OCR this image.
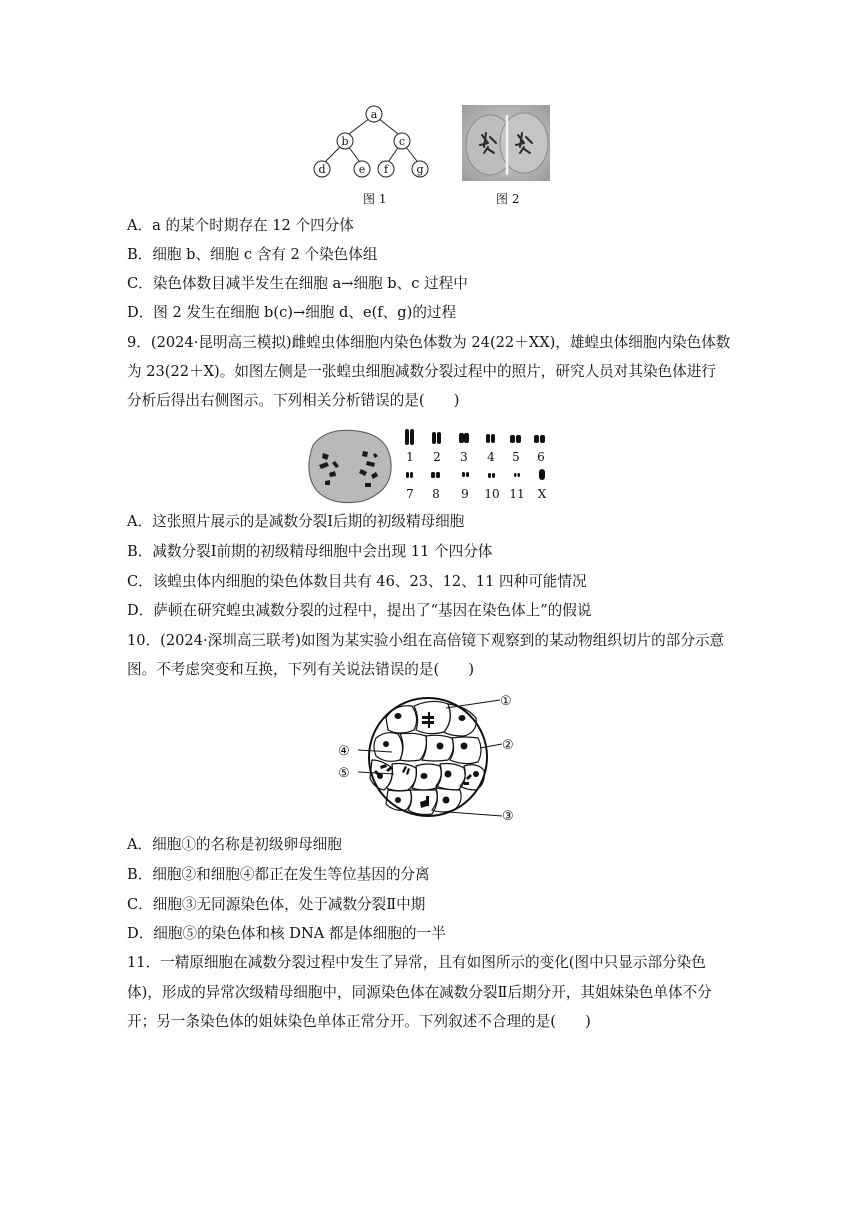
a
b	c
d	e f	g
图 1	图 2
A．a 的某个时期存在 12 个四分体
B．细胞 b、细胞 c 含有 2 个染色体组
C．染色体数目减半发生在细胞 a→细胞 b、c 过程中
D．图 2 发生在细胞 b(c)→细胞 d、e(f、g)的过程
9．(2024·昆明高三模拟)雌蝗虫体细胞内染色体数为 24(22＋XX)，雄蝗虫体细胞内染色体数
为 23(22＋X)。如图左侧是一张蝗虫细胞减数分裂过程中的照片，研究人员对其染色体进行
分析后得出右侧图示。下列相关分析错误的是(　　)
1 2 3 4 5 6
7 8 9 10 11 X
A．这张照片展示的是减数分裂Ⅰ后期的初级精母细胞
B．减数分裂Ⅰ前期的初级精母细胞中会出现 11 个四分体
C．该蝗虫体内细胞的染色体数目共有 46、23、12、11 四种可能情况
D．萨顿在研究蝗虫减数分裂的过程中，提出了“基因在染色体上”的假说
10．(2024·深圳高三联考)如图为某实验小组在高倍镜下观察到的某动物组织切片的部分示意
图。不考虑突变和互换，下列有关说法错误的是(　　)
①
②
③
④
⑤
A．细胞①的名称是初级卵母细胞
B．细胞②和细胞④都正在发生等位基因的分离
C．细胞③无同源染色体，处于减数分裂Ⅱ中期
D．细胞⑤的染色体和核 DNA 都是体细胞的一半
11．一精原细胞在减数分裂过程中发生了异常，且有如图所示的变化(图中只显示部分染色
体)，形成的异常次级精母细胞中，同源染色体在减数分裂Ⅱ后期分开，其姐妹染色单体不分
开；另一条染色体的姐妹染色单体正常分开。下列叙述不合理的是(　　)
